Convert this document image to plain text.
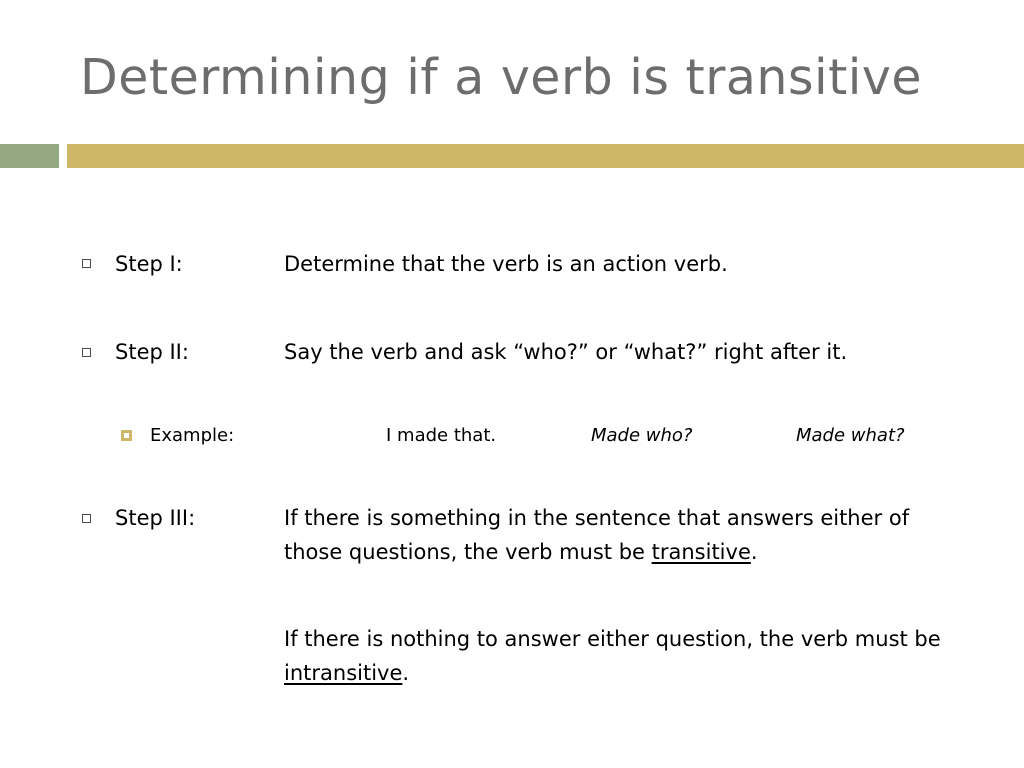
Determining if a verb is transitive
Step I:	Determine that the verb is an action verb.
Step II:	Say the verb and ask “who?” or “what?” right after it.
Example:	I made that.	Made who?	Made what?
Step III:	If there is something in the sentence that answers either of
those questions, the verb must be transitive.
If there is nothing to answer either question, the verb must be
intransitive.
